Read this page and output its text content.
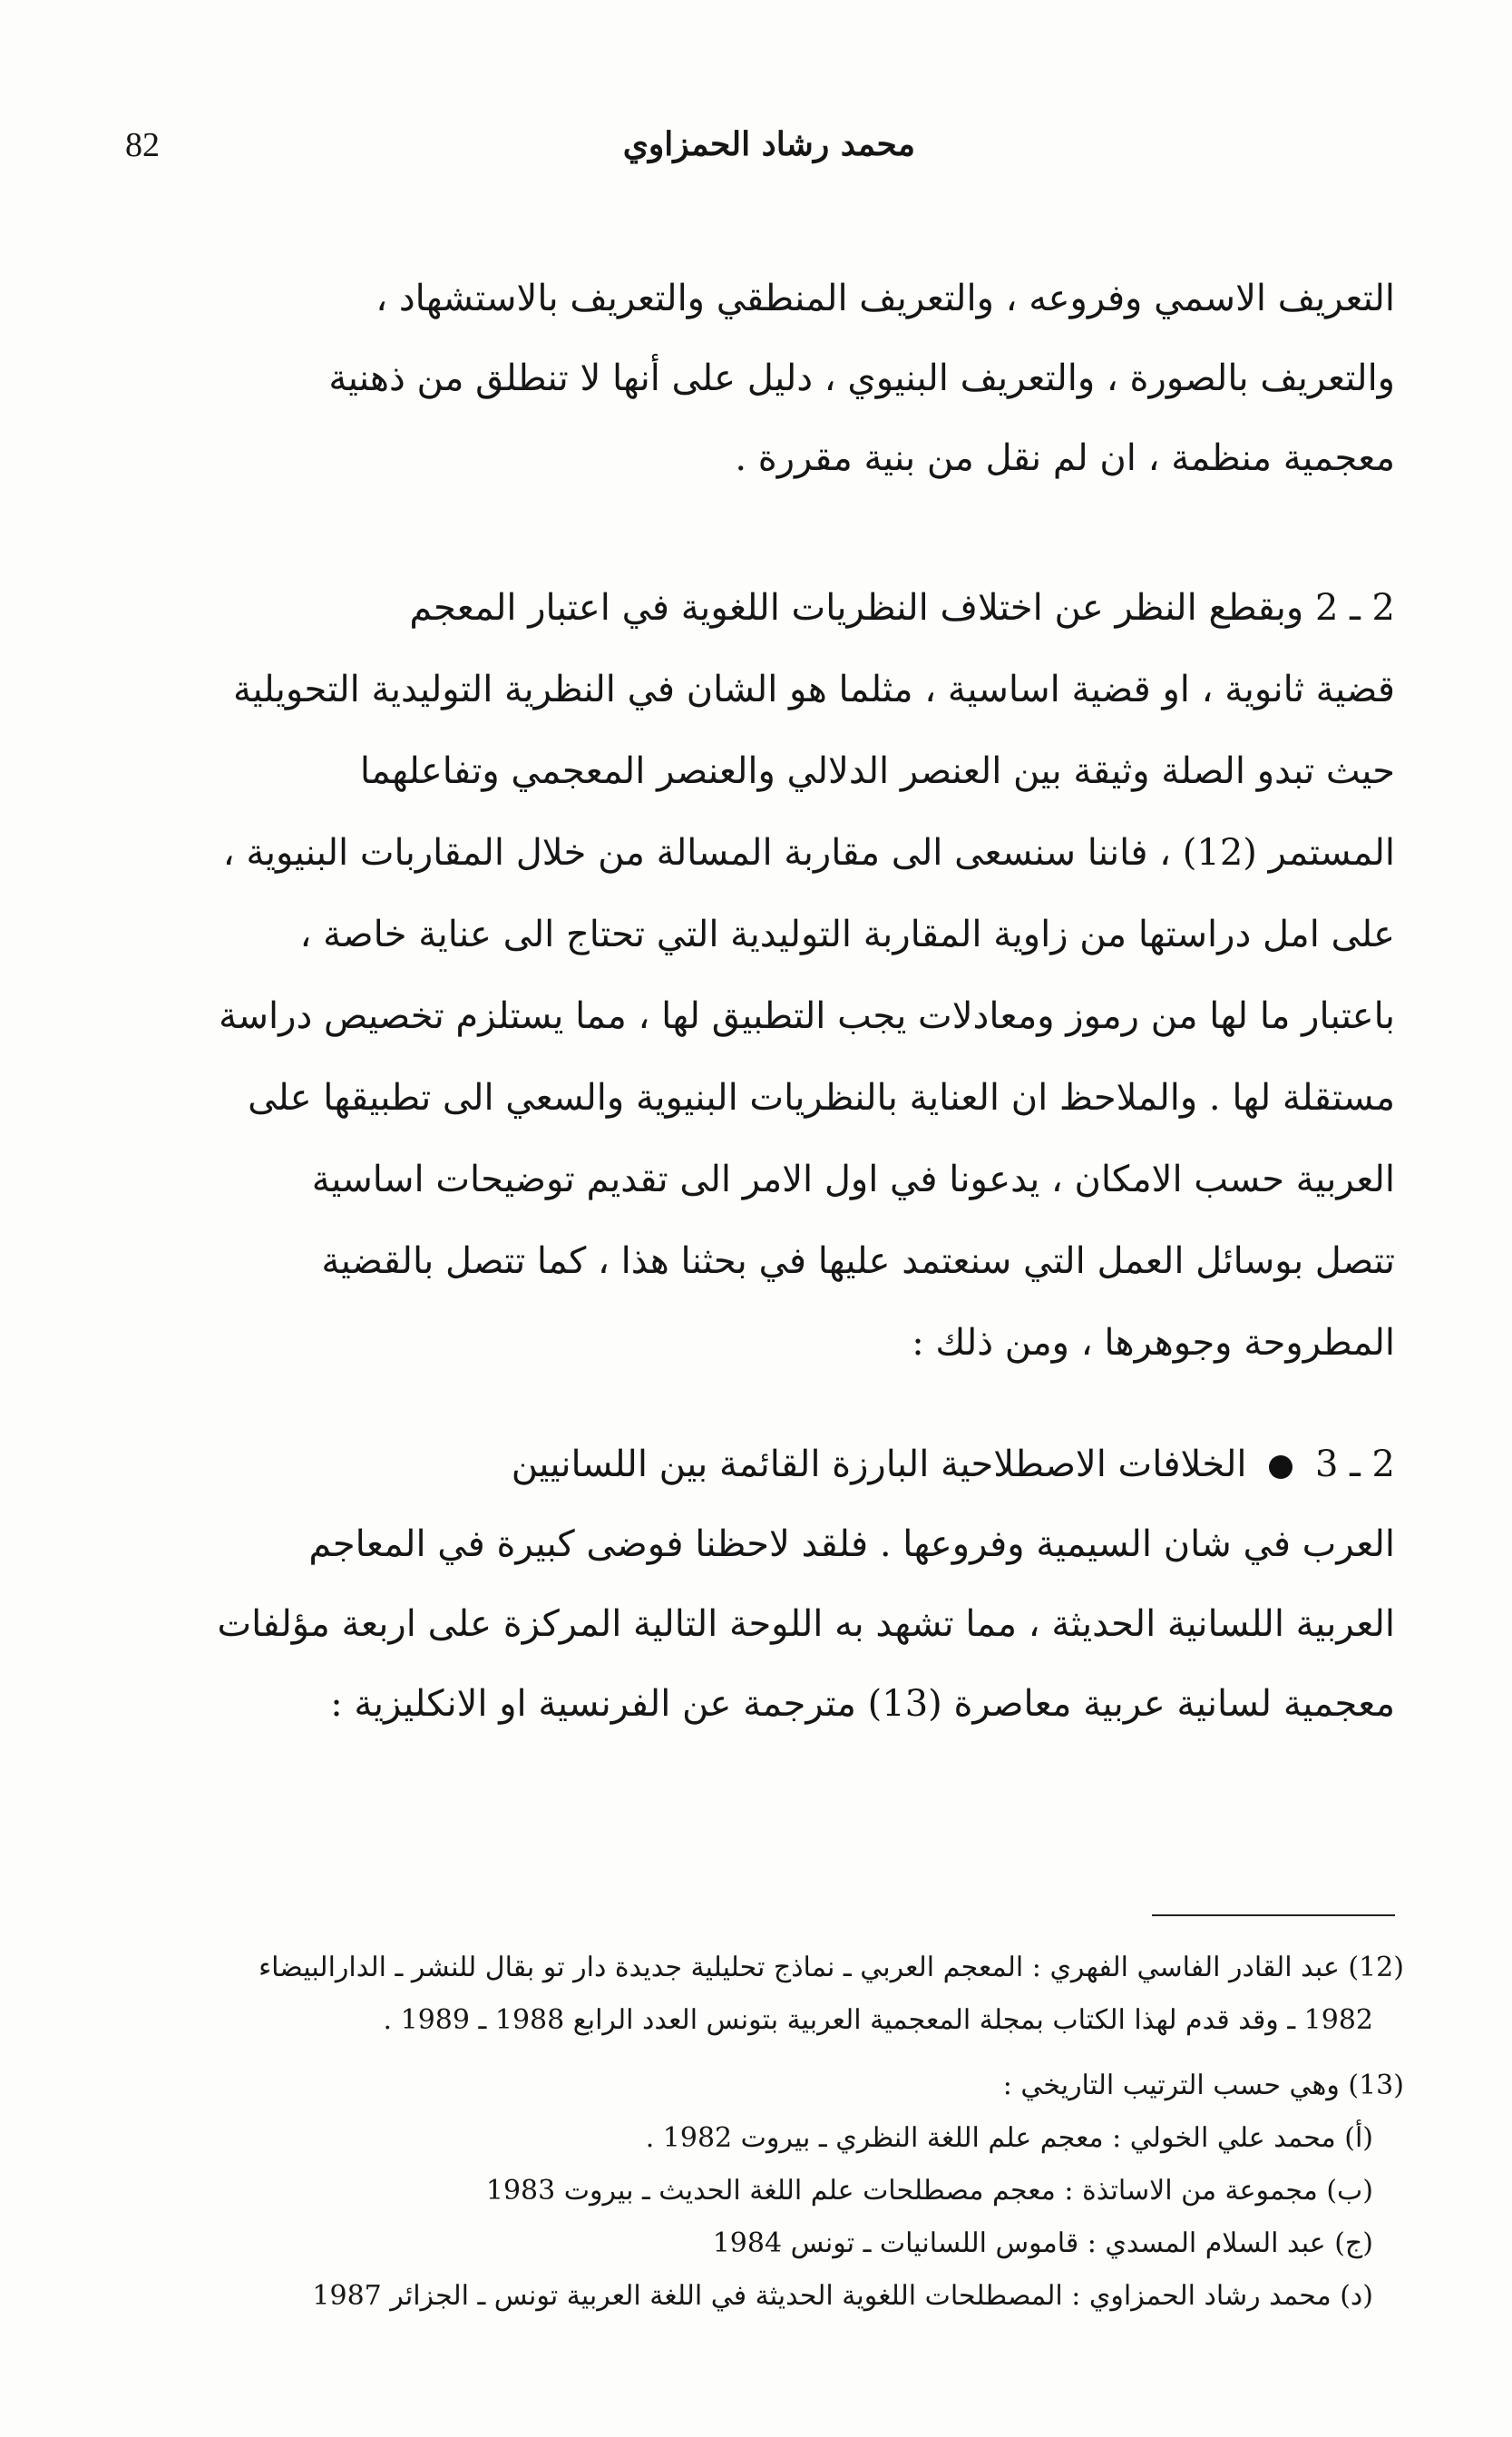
محمد رشاد الحمزاوي
82
التعريف الاسمي وفروعه ، والتعريف المنطقي والتعريف بالاستشهاد ،
والتعريف بالصورة ، والتعريف البنيوي ، دليل على أنها لا تنطلق من ذهنية
معجمية منظمة ، ان لم نقل من بنية مقررة .
2 ـ 2 وبقطع النظر عن اختلاف النظريات اللغوية في اعتبار المعجم
قضية ثانوية ، او قضية اساسية ، مثلما هو الشان في النظرية التوليدية التحويلية
حيث تبدو الصلة وثيقة بين العنصر الدلالي والعنصر المعجمي وتفاعلهما
المستمر (12) ، فاننا سنسعى الى مقاربة المسالة من خلال المقاربات البنيوية ،
على امل دراستها من زاوية المقاربة التوليدية التي تحتاج الى عناية خاصة ،
باعتبار ما لها من رموز ومعادلات يجب التطبيق لها ، مما يستلزم تخصيص دراسة
مستقلة لها . والملاحظ ان العناية بالنظريات البنيوية والسعي الى تطبيقها على
العربية حسب الامكان ، يدعونا في اول الامر الى تقديم توضيحات اساسية
تتصل بوسائل العمل التي سنعتمد عليها في بحثنا هذا ، كما تتصل بالقضية
المطروحة وجوهرها ، ومن ذلك :
2 ـ 3  الخلافات الاصطلاحية البارزة القائمة بين اللسانيين
العرب في شان السيمية وفروعها . فلقد لاحظنا فوضى كبيرة في المعاجم
العربية اللسانية الحديثة ، مما تشهد به اللوحة التالية المركزة على اربعة مؤلفات
معجمية لسانية عربية معاصرة (13) مترجمة عن الفرنسية او الانكليزية :
(12) عبد القادر الفاسي الفهري : المعجم العربي ـ نماذج تحليلية جديدة دار تو بقال للنشر ـ الدارالبيضاء
1982 ـ وقد قدم لهذا الكتاب بمجلة المعجمية العربية بتونس العدد الرابع 1988 ـ 1989 .
(13) وهي حسب الترتيب التاريخي :
(أ) محمد علي الخولي : معجم علم اللغة النظري ـ بيروت 1982 .
(ب) مجموعة من الاساتذة : معجم مصطلحات علم اللغة الحديث ـ بيروت 1983
(ج) عبد السلام المسدي : قاموس اللسانيات ـ تونس 1984
(د) محمد رشاد الحمزاوي : المصطلحات اللغوية الحديثة في اللغة العربية تونس ـ الجزائر 1987
